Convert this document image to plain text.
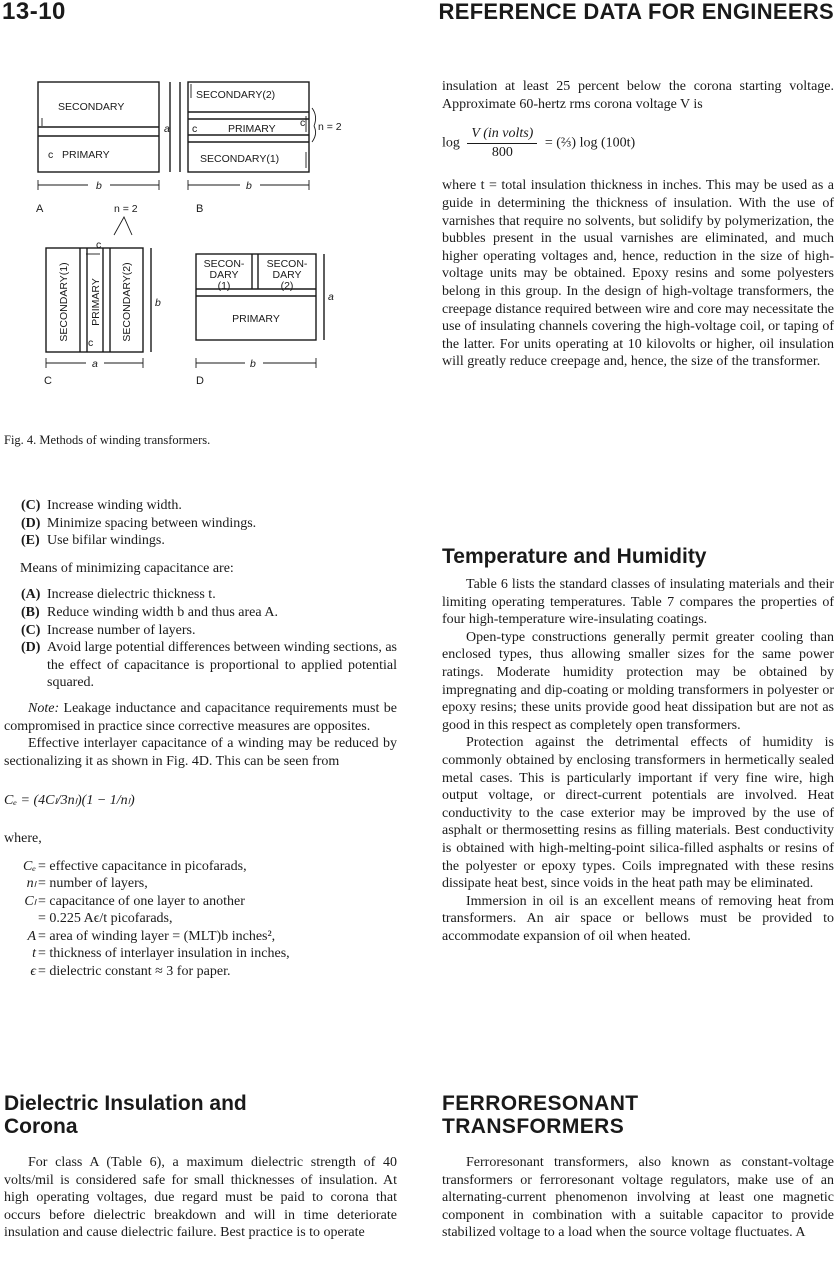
13-10	REFERENCE DATA FOR ENGINEERS
SECONDARY
c PRIMARY
a
b
A
SECONDARY(2)
c	PRIMARY c n = 2
SECONDARY(1)
b
B
n = 2
c
c
b
a
C
SECONDARY(1) PRIMARY SECONDARY(2)	SECON-
DARY
(1)
SECON-
DARY
(2)
PRIMARY
a
b
D
Fig. 4. Methods of winding transformers.

(C) Increase winding width.

(D) Minimize spacing between windings.

(E) Use bifilar windings.

Means of minimizing capacitance are:

(A) Increase dielectric thickness t.

(B) Reduce winding width b and thus area A.

(C) Increase number of layers.

(D) Avoid large potential differences between winding sections, as the effect of capacitance is proportional to applied potential squared.

Note: Leakage inductance and capacitance requirements must be compromised in practice since corrective measures are opposites.

Effective interlayer capacitance of a winding may be reduced by sectionalizing it as shown in Fig. 4D. This can be seen from

Cₑ = (4Cₗ/3nₗ)(1 − 1/nₗ)

where,

Cₑ = effective capacitance in picofarads,

nₗ = number of layers,

Cₗ = capacitance of one layer to another

= 0.225 Aϵ/t picofarads,

A = area of winding layer = (MLT)b inches²,

t = thickness of interlayer insulation in inches,

ϵ = dielectric constant ≈ 3 for paper.

Dielectric Insulation and
Corona

For class A (Table 6), a maximum dielectric strength of 40 volts/mil is considered safe for small thicknesses of insulation. At high operating voltages, due regard must be paid to corona that occurs before dielectric breakdown and will in time deteriorate insulation and cause dielectric failure. Best practice is to operate

insulation at least 25 percent below the corona starting voltage. Approximate 60-hertz rms corona voltage V is

$\log \frac{\text{V (in volts)}}{800}$ = (⅔) log (100t)

where t = total insulation thickness in inches. This may be used as a guide in determining the thickness of insulation. With the use of varnishes that require no solvents, but solidify by polymerization, the bubbles present in the usual varnishes are eliminated, and much higher operating voltages and, hence, reduction in the size of high-voltage units may be obtained. Epoxy resins and some polyesters belong in this group. In the design of high-voltage transformers, the creepage distance required between wire and core may necessitate the use of insulating channels covering the high-voltage coil, or taping of the latter. For units operating at 10 kilovolts or higher, oil insulation will greatly reduce creepage and, hence, the size of the transformer.

Temperature and Humidity

Table 6 lists the standard classes of insulating materials and their limiting operating temperatures. Table 7 compares the properties of four high-temperature wire-insulating coatings.

Open-type constructions generally permit greater cooling than enclosed types, thus allowing smaller sizes for the same power ratings. Moderate humidity protection may be obtained by impregnating and dip-coating or molding transformers in polyester or epoxy resins; these units provide good heat dissipation but are not as good in this respect as completely open transformers.

Protection against the detrimental effects of humidity is commonly obtained by enclosing transformers in hermetically sealed metal cases. This is particularly important if very fine wire, high output voltage, or direct-current potentials are involved. Heat conductivity to the case exterior may be improved by the use of asphalt or thermosetting resins as filling materials. Best conductivity is obtained with high-melting-point silica-filled asphalts or resins of the polyester or epoxy types. Coils impregnated with these resins dissipate heat best, since voids in the heat path may be eliminated.

Immersion in oil is an excellent means of removing heat from transformers. An air space or bellows must be provided to accommodate expansion of oil when heated.

FERRORESONANT
TRANSFORMERS

Ferroresonant transformers, also known as constant-voltage transformers or ferroresonant voltage regulators, make use of an alternating-current phenomenon involving at least one magnetic component in combination with a suitable capacitor to provide stabilized voltage to a load when the source voltage fluctuates. A
